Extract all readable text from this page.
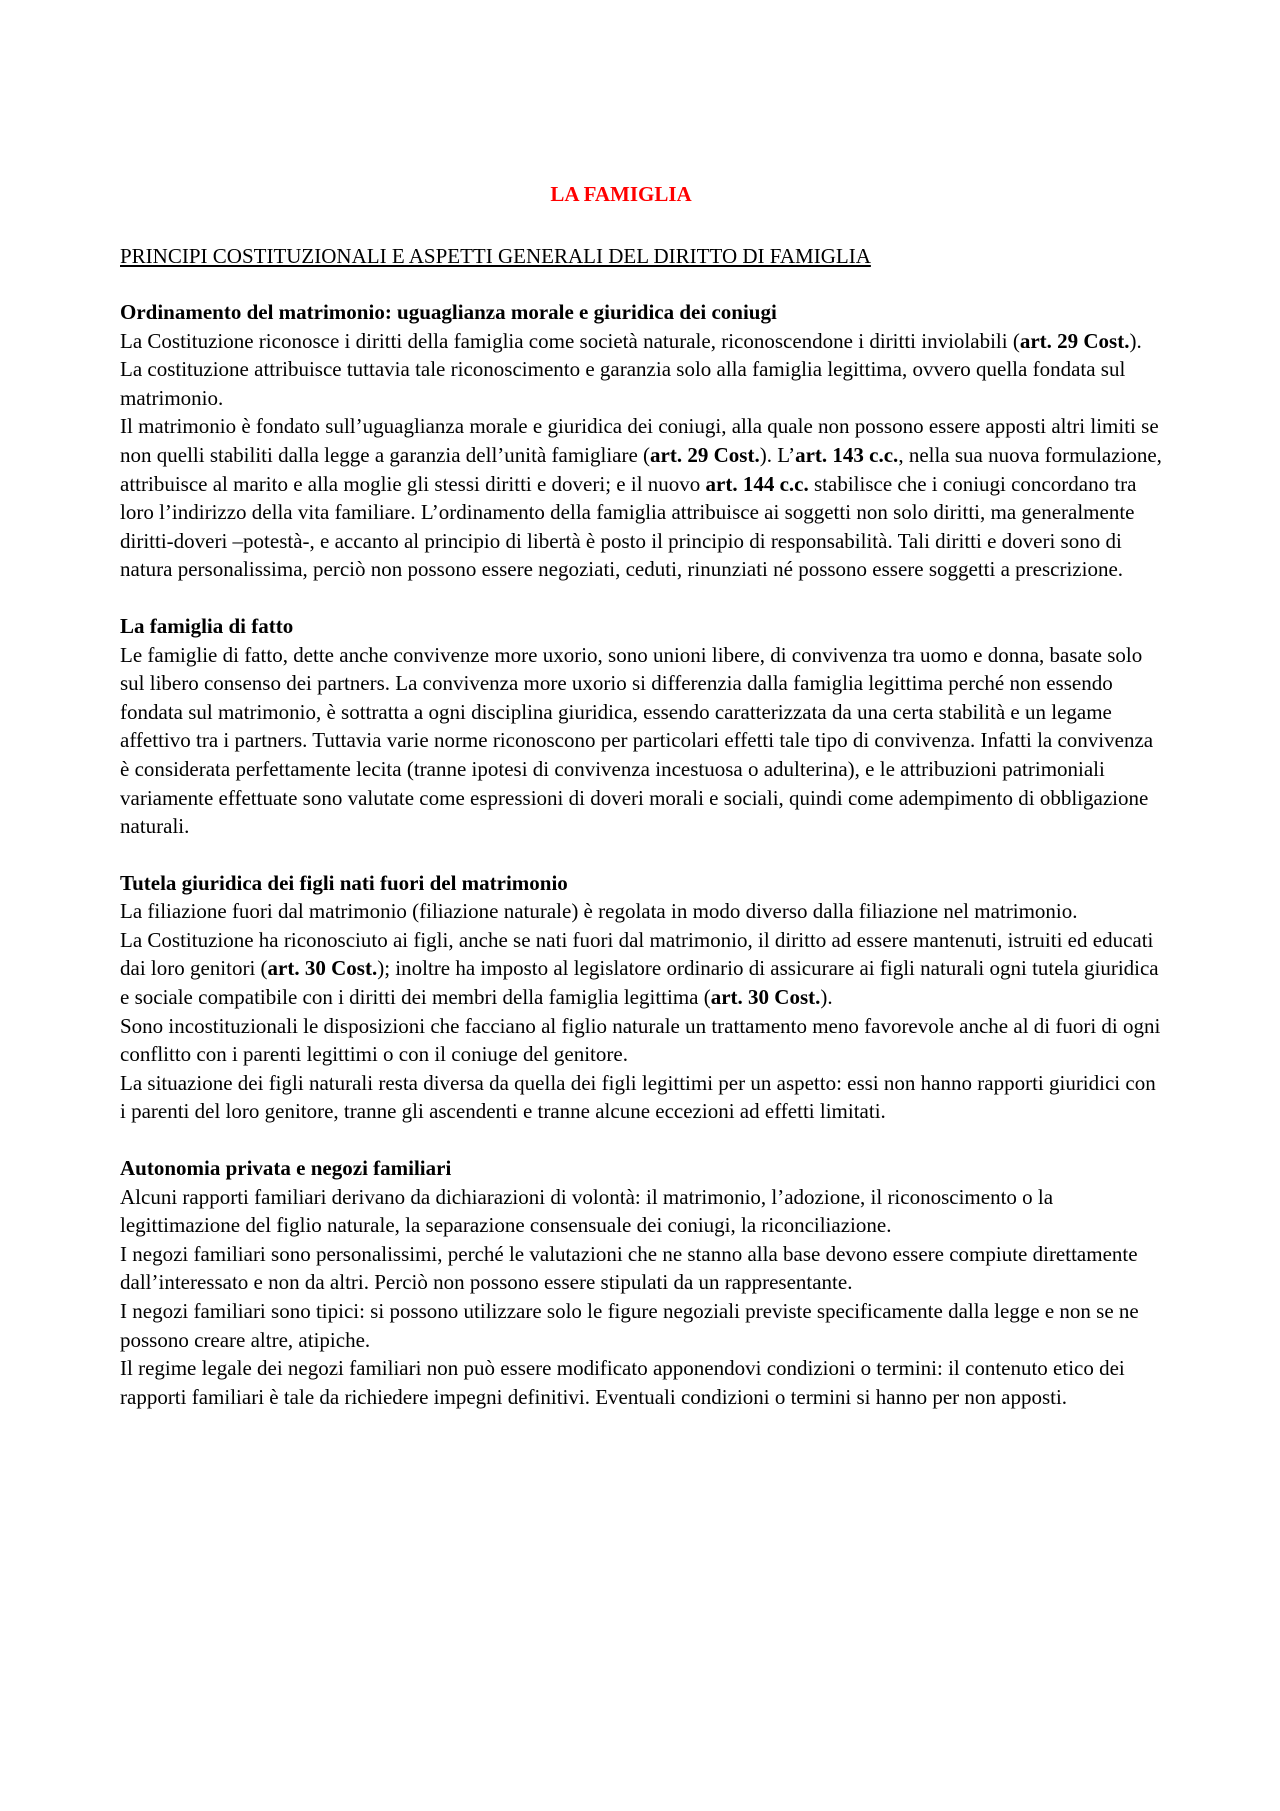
LA FAMIGLIA
PRINCIPI COSTITUZIONALI E ASPETTI GENERALI DEL DIRITTO DI FAMIGLIA
Ordinamento del matrimonio: uguaglianza morale e giuridica dei coniugi

La Costituzione riconosce i diritti della famiglia come società naturale, riconoscendone i diritti inviolabili (art. 29 Cost.). La costituzione attribuisce tuttavia tale riconoscimento e garanzia solo alla famiglia legittima, ovvero quella fondata sul matrimonio.

Il matrimonio è fondato sull’uguaglianza morale e giuridica dei coniugi, alla quale non possono essere apposti altri limiti se non quelli stabiliti dalla legge a garanzia dell’unità famigliare (art. 29 Cost.). L’art. 143 c.c., nella sua nuova formulazione, attribuisce al marito e alla moglie gli stessi diritti e doveri; e il nuovo art. 144 c.c. stabilisce che i coniugi concordano tra loro l’indirizzo della vita familiare. L’ordinamento della famiglia attribuisce ai soggetti non solo diritti, ma generalmente diritti-doveri –potestà-, e accanto al principio di libertà è posto il principio di responsabilità. Tali diritti e doveri sono di natura personalissima, perciò non possono essere negoziati, ceduti, rinunziati né possono essere soggetti a prescrizione.

La famiglia di fatto

Le famiglie di fatto, dette anche convivenze more uxorio, sono unioni libere, di convivenza tra uomo e donna, basate solo sul libero consenso dei partners. La convivenza more uxorio si differenzia dalla famiglia legittima perché non essendo fondata sul matrimonio, è sottratta a ogni disciplina giuridica, essendo caratterizzata da una certa stabilità e un legame affettivo tra i partners. Tuttavia varie norme riconoscono per particolari effetti tale tipo di convivenza. Infatti la convivenza è considerata perfettamente lecita (tranne ipotesi di convivenza incestuosa o adulterina), e le attribuzioni patrimoniali variamente effettuate sono valutate come espressioni di doveri morali e sociali, quindi come adempimento di obbligazione naturali.

Tutela giuridica dei figli nati fuori del matrimonio

La filiazione fuori dal matrimonio (filiazione naturale) è regolata in modo diverso dalla filiazione nel matrimonio.

La Costituzione ha riconosciuto ai figli, anche se nati fuori dal matrimonio, il diritto ad essere mantenuti, istruiti ed educati dai loro genitori (art. 30 Cost.); inoltre ha imposto al legislatore ordinario di assicurare ai figli naturali ogni tutela giuridica e sociale compatibile con i diritti dei membri della famiglia legittima (art. 30 Cost.).

Sono incostituzionali le disposizioni che facciano al figlio naturale un trattamento meno favorevole anche al di fuori di ogni conflitto con i parenti legittimi o con il coniuge del genitore.

La situazione dei figli naturali resta diversa da quella dei figli legittimi per un aspetto: essi non hanno rapporti giuridici con i parenti del loro genitore, tranne gli ascendenti e tranne alcune eccezioni ad effetti limitati.

Autonomia privata e negozi familiari

Alcuni rapporti familiari derivano da dichiarazioni di volontà: il matrimonio, l’adozione, il riconoscimento o la legittimazione del figlio naturale, la separazione consensuale dei coniugi, la riconciliazione.

I negozi familiari sono personalissimi, perché le valutazioni che ne stanno alla base devono essere compiute direttamente dall’interessato e non da altri. Perciò non possono essere stipulati da un rappresentante.

I negozi familiari sono tipici: si possono utilizzare solo le figure negoziali previste specificamente dalla legge e non se ne possono creare altre, atipiche.

Il regime legale dei negozi familiari non può essere modificato apponendovi condizioni o termini: il contenuto etico dei rapporti familiari è tale da richiedere impegni definitivi. Eventuali condizioni o termini si hanno per non apposti.
